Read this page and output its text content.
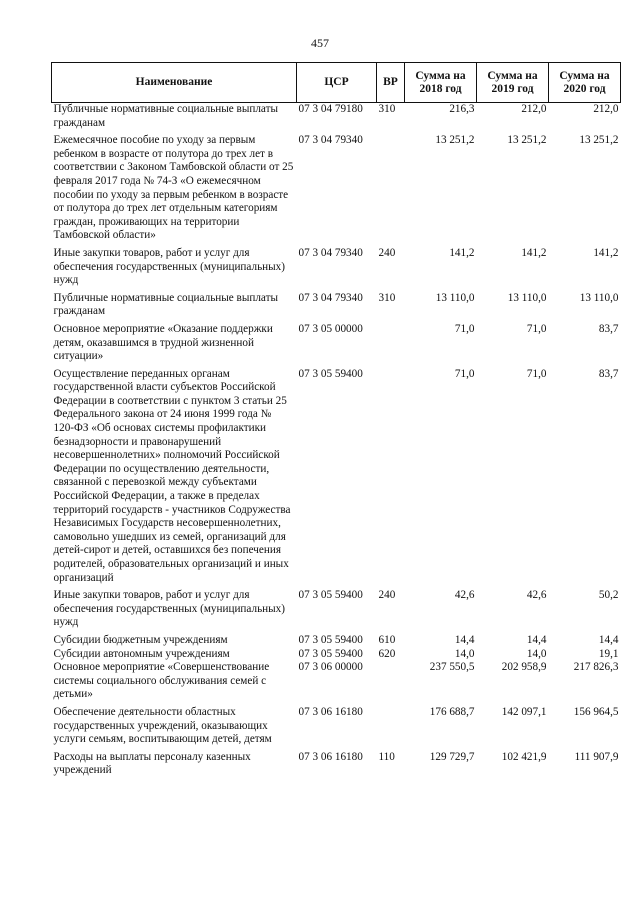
457
Наименование	ЦСР	ВР	Сумма на 2018 год	Сумма на 2019 год	Сумма на 2020 год
Публичные нормативные социальные выплаты гражданам	07 3 04 79180	310	216,3	212,0	212,0
Ежемесячное пособие по уходу за первым ребенком в возрасте от полутора до трех лет в соответствии с Законом Тамбовской области от 25 февраля 2017 года № 74-З «О ежемесячном пособии по уходу за первым ребенком в возрасте от полутора до трех лет отдельным категориям граждан, проживающих на территории Тамбовской области»	07 3 04 79340		13 251,2	13 251,2	13 251,2
Иные закупки товаров, работ и услуг для обеспечения государственных (муниципальных) нужд	07 3 04 79340	240	141,2	141,2	141,2
Публичные нормативные социальные выплаты гражданам	07 3 04 79340	310	13 110,0	13 110,0	13 110,0
Основное мероприятие «Оказание поддержки детям, оказавшимся в трудной жизненной ситуации»	07 3 05 00000		71,0	71,0	83,7
Осуществление переданных органам государственной власти субъектов Российской Федерации в соответствии с пунктом 3 статьи 25 Федерального закона от 24 июня 1999 года № 120-ФЗ «Об основах системы профилактики безнадзорности и правонарушений несовершеннолетних» полномочий Российской Федерации по осуществлению деятельности, связанной с перевозкой между субъектами Российской Федерации, а также в пределах территорий государств - участников Содружества Независимых Государств несовершеннолетних, самовольно ушедших из семей, организаций для детей-сирот и детей, оставшихся без попечения родителей, образовательных организаций и иных организаций	07 3 05 59400		71,0	71,0	83,7
Иные закупки товаров, работ и услуг для обеспечения государственных (муниципальных) нужд	07 3 05 59400	240	42,6	42,6	50,2
Субсидии бюджетным учреждениям	07 3 05 59400	610	14,4	14,4	14,4
Субсидии автономным учреждениям	07 3 05 59400	620	14,0	14,0	19,1
Основное мероприятие «Совершенствование системы социального обслуживания семей с детьми»	07 3 06 00000		237 550,5	202 958,9	217 826,3
Обеспечение деятельности областных государственных учреждений, оказывающих услуги семьям, воспитывающим детей, детям	07 3 06 16180		176 688,7	142 097,1	156 964,5
Расходы на выплаты персоналу казенных учреждений	07 3 06 16180	110	129 729,7	102 421,9	111 907,9
